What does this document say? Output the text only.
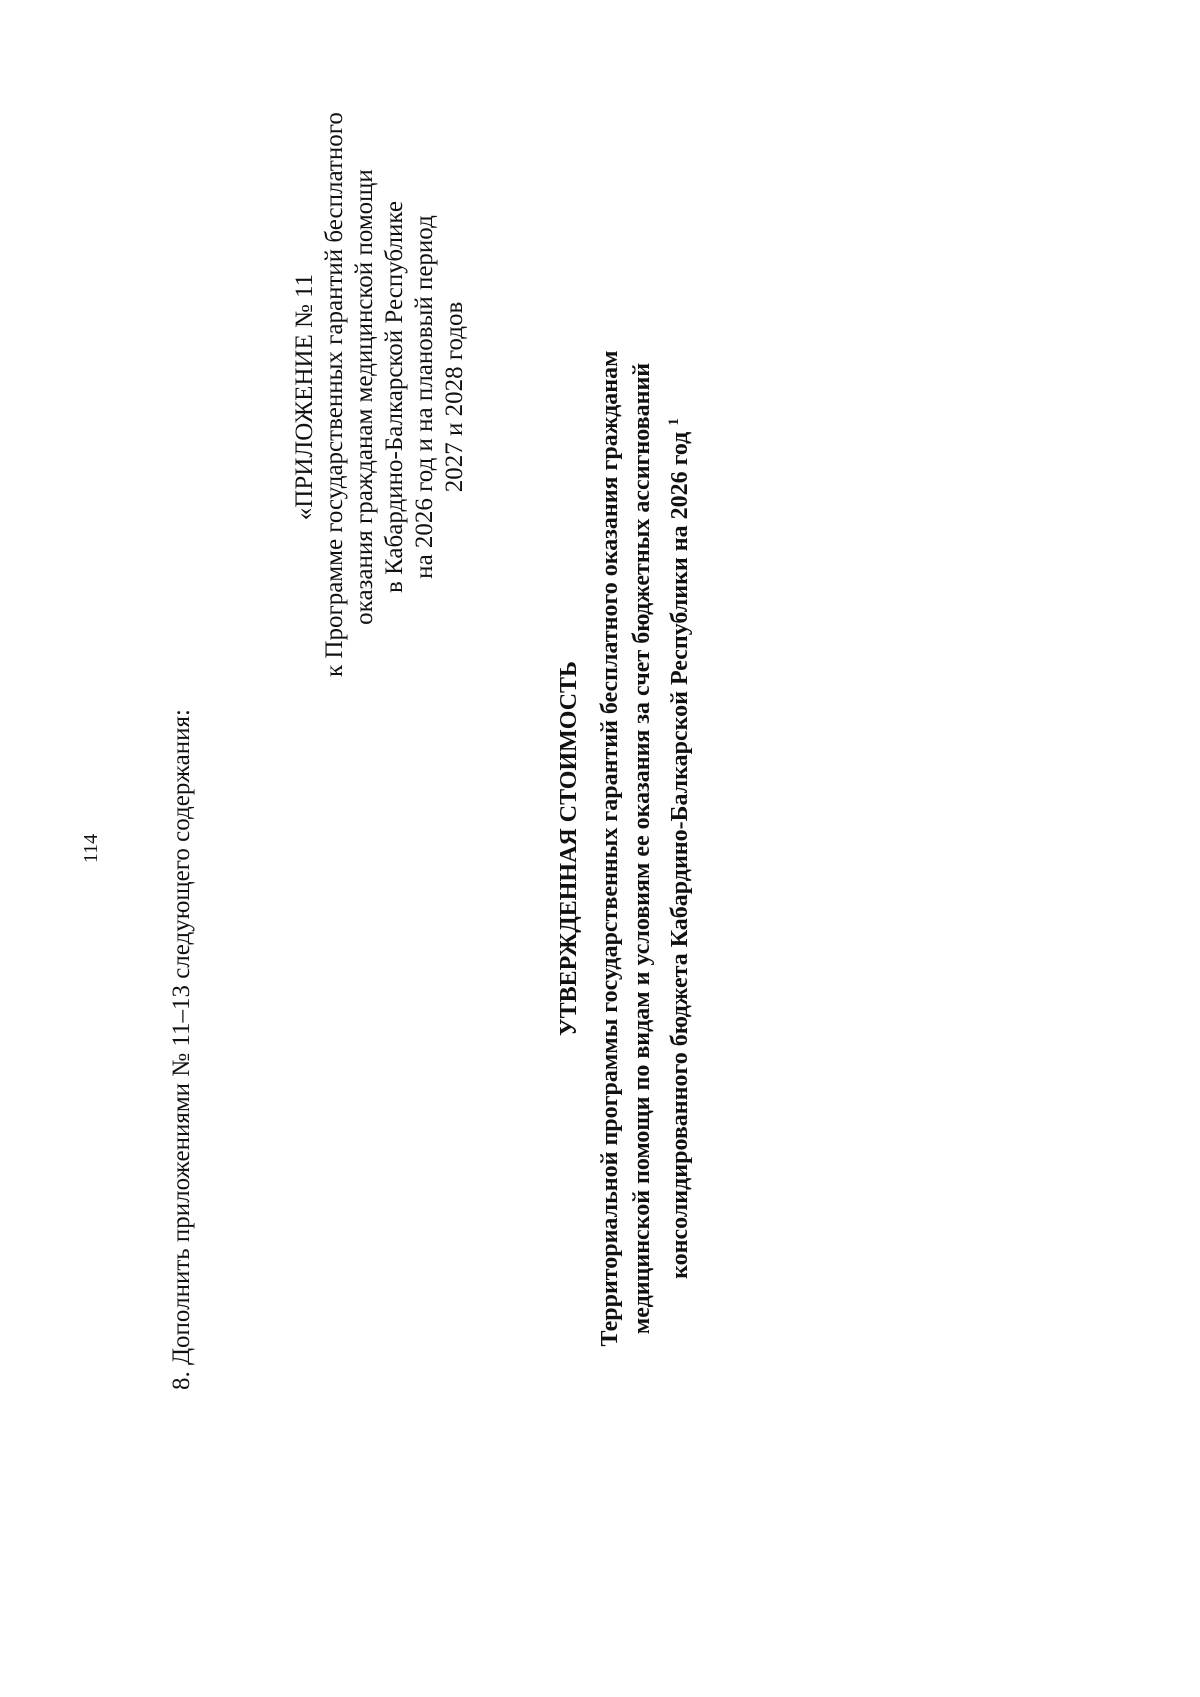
114	8. Дополнить приложениями № 11–13 следующего содержания:
«ПРИЛОЖЕНИЕ № 11 к Программе государственных гарантий бесплатного оказания гражданам медицинской помощи в Кабардино-Балкарской Республике на 2026 год и на плановый период 2027 и 2028 годов
УТВЕРЖДЕННАЯ СТОИМОСТЬ Территориальной программы государственных гарантий бесплатного оказания гражданам медицинской помощи по видам и условиям ее оказания за счет бюджетных ассигнований консолидированного бюджета Кабардино-Балкарской Республики на 2026 год$^1$
